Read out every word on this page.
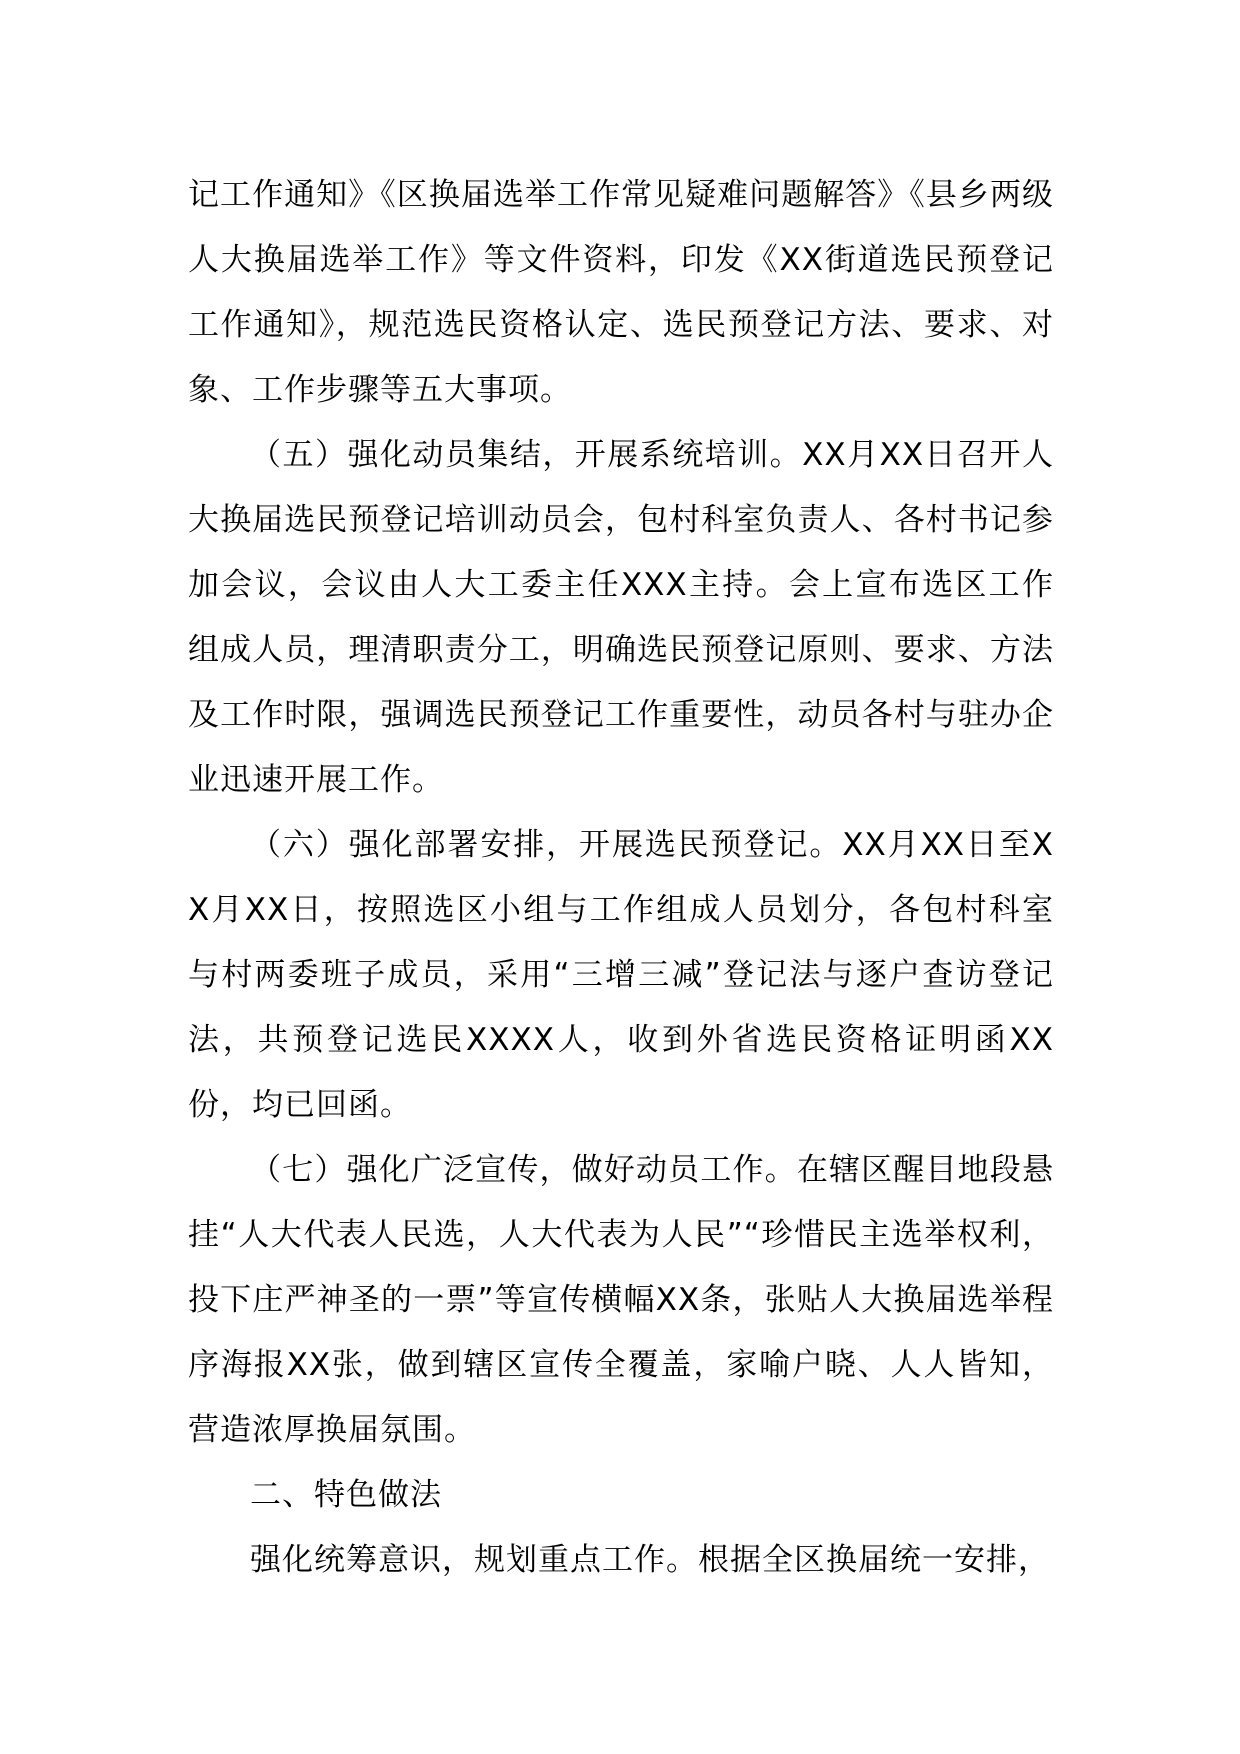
记工作通知》《区换届选举工作常见疑难问题解答》《县乡两级人大换届选举工作》等文件资料，印发《XX街道选民预登记工作通知》，规范选民资格认定、选民预登记方法、要求、对象、工作步骤等五大事项。

（五）强化动员集结，开展系统培训。XX月XX日召开人大换届选民预登记培训动员会，包村科室负责人、各村书记参加会议，会议由人大工委主任XXX主持。会上宣布选区工作组成人员，理清职责分工，明确选民预登记原则、要求、方法及工作时限，强调选民预登记工作重要性，动员各村与驻办企业迅速开展工作。

（六）强化部署安排，开展选民预登记。XX月XX日至XX月XX日，按照选区小组与工作组成人员划分，各包村科室与村两委班子成员，采用“三增三减”登记法与逐户查访登记法，共预登记选民XXXX人，收到外省选民资格证明函XX份，均已回函。

（七）强化广泛宣传，做好动员工作。在辖区醒目地段悬挂“人大代表人民选，人大代表为人民”“珍惜民主选举权利，投下庄严神圣的一票”等宣传横幅XX条，张贴人大换届选举程序海报XX张，做到辖区宣传全覆盖，家喻户晓、人人皆知，营造浓厚换届氛围。

二、特色做法

强化统筹意识，规划重点工作。根据全区换届统一安排，
